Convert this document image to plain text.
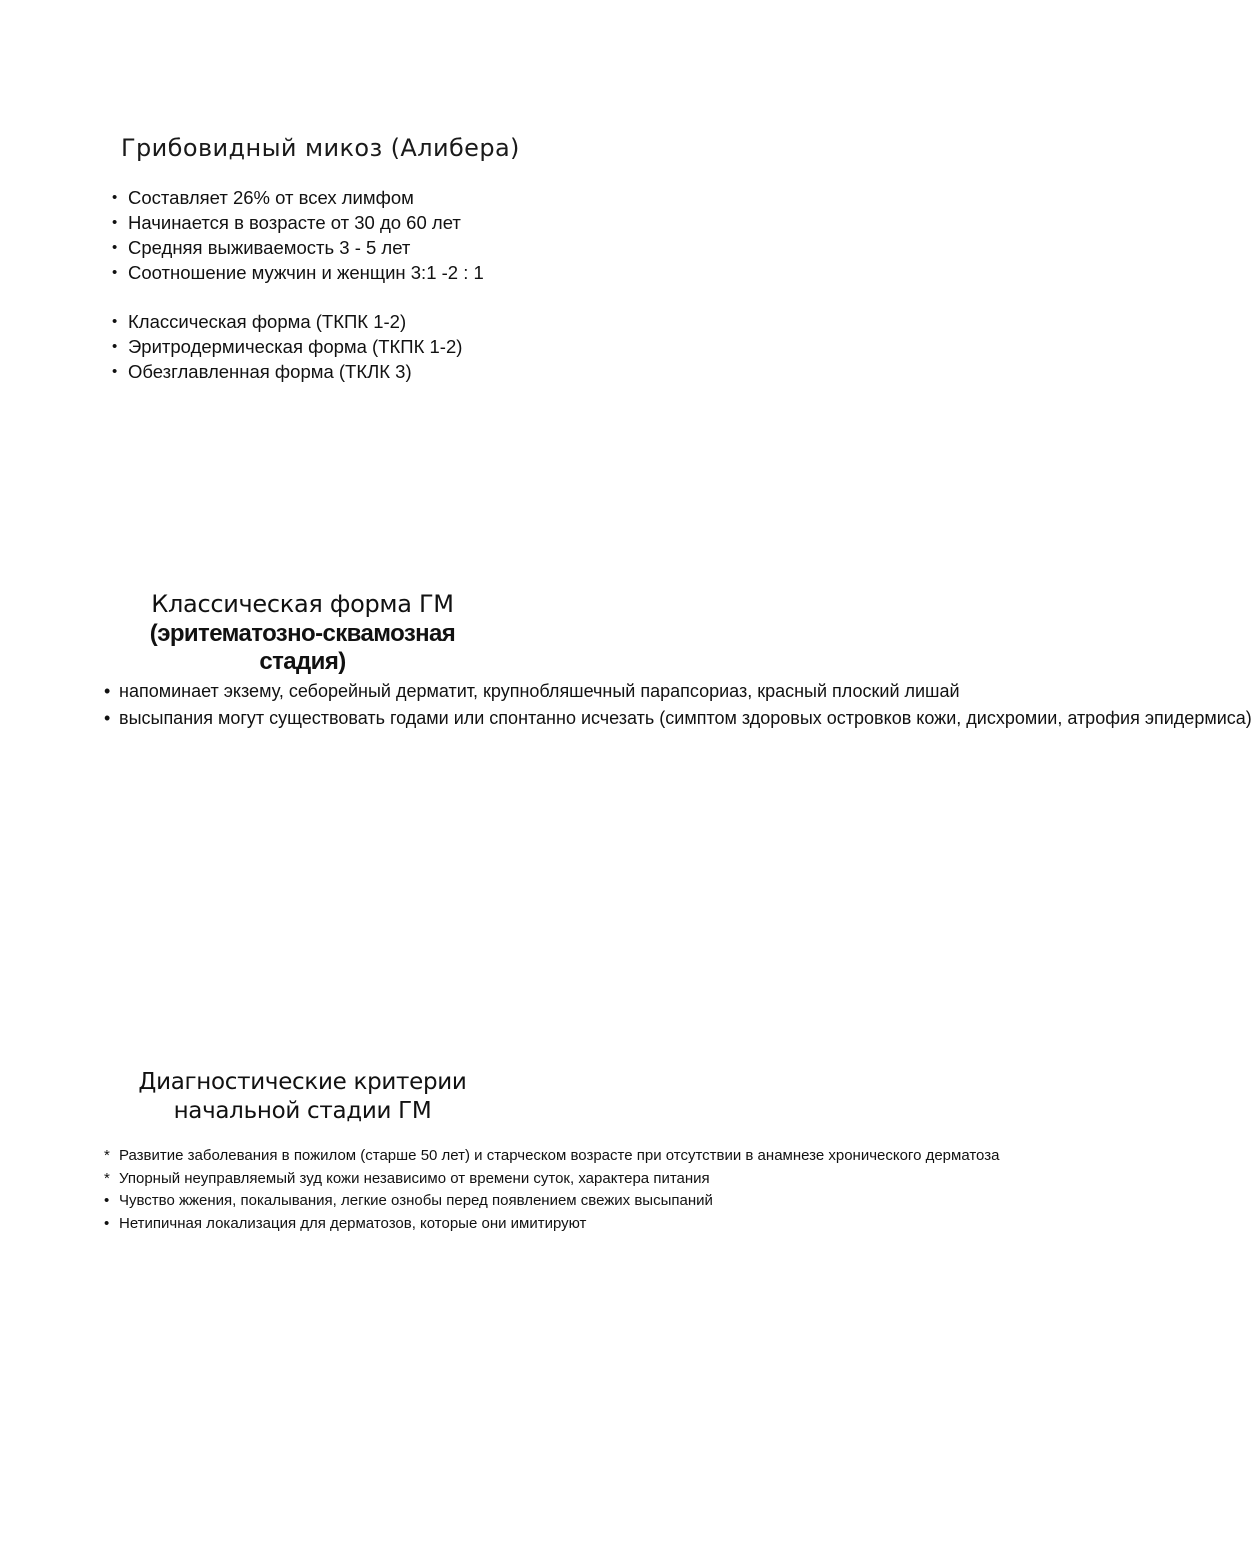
Грибовидный микоз (Алибера)
• Составляет 26% от всех лимфом
• Начинается в возрасте от 30 до 60 лет
• Средняя выживаемость 3 - 5 лет
• Соотношение мужчин и женщин 3:1 -2 : 1
• Классическая форма (ТКПК 1-2)
• Эритродермическая форма (ТКПК 1-2)
• Обезглавленная форма (ТКЛК 3)
Классическая форма ГМ
(эритематозно-сквамозная
стадия)
• напоминает экзему, себорейный дерматит, крупнобляшечный парапсориаз, красный плоский лишай
• высыпания могут существовать годами или спонтанно исчезать (симптом здоровых островков кожи, дисхромии, атрофия эпидермиса)
Диагностические критерии
начальной стадии ГМ
* Развитие заболевания в пожилом (старше 50 лет) и старческом возрасте при отсутствии в анамнезе хронического дерматоза
* Упорный неуправляемый зуд кожи независимо от времени суток, характера питания
• Чувство жжения, покалывания, легкие ознобы перед появлением свежих высыпаний
• Нетипичная локализация для дерматозов, которые они имитируют
